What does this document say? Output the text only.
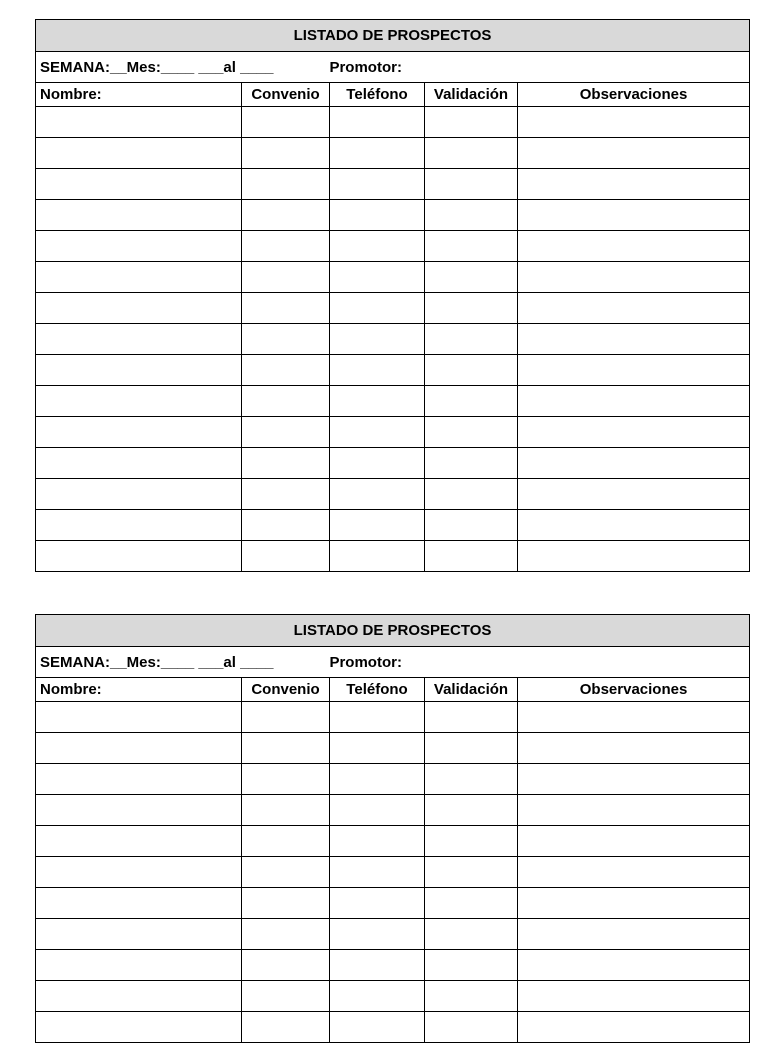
LISTADO DE PROSPECTOS				
SEMANA:__Mes:____ ___al ____ Promotor:				
Nombre:	Convenio	Teléfono	Validación	Observaciones

LISTADO DE PROSPECTOS				
SEMANA:__Mes:____ ___al ____ Promotor:				
Nombre:	Convenio	Teléfono	Validación	Observaciones
